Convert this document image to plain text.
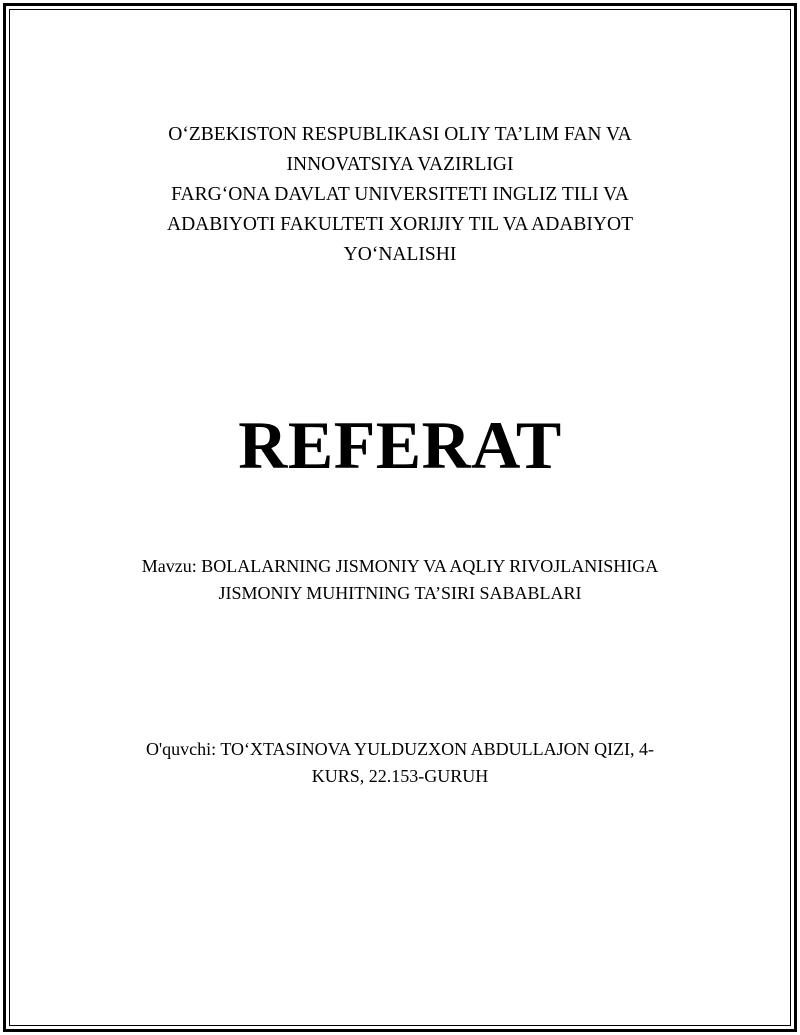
O‘ZBEKISTON RESPUBLIKASI OLIY TA’LIM FAN VA
INNOVATSIYA VAZIRLIGI
FARG‘ONA DAVLAT UNIVERSITETI INGLIZ TILI VA
ADABIYOTI FAKULTETI XORIJIY TIL VA ADABIYOT
YO‘NALISHI
REFERAT
Mavzu: BOLALARNING JISMONIY VA AQLIY RIVOJLANISHIGA
JISMONIY MUHITNING TA’SIRI SABABLARI
O'quvchi: TO‘XTASINOVA YULDUZXON ABDULLAJON QIZI, 4-
KURS, 22.153-GURUH
